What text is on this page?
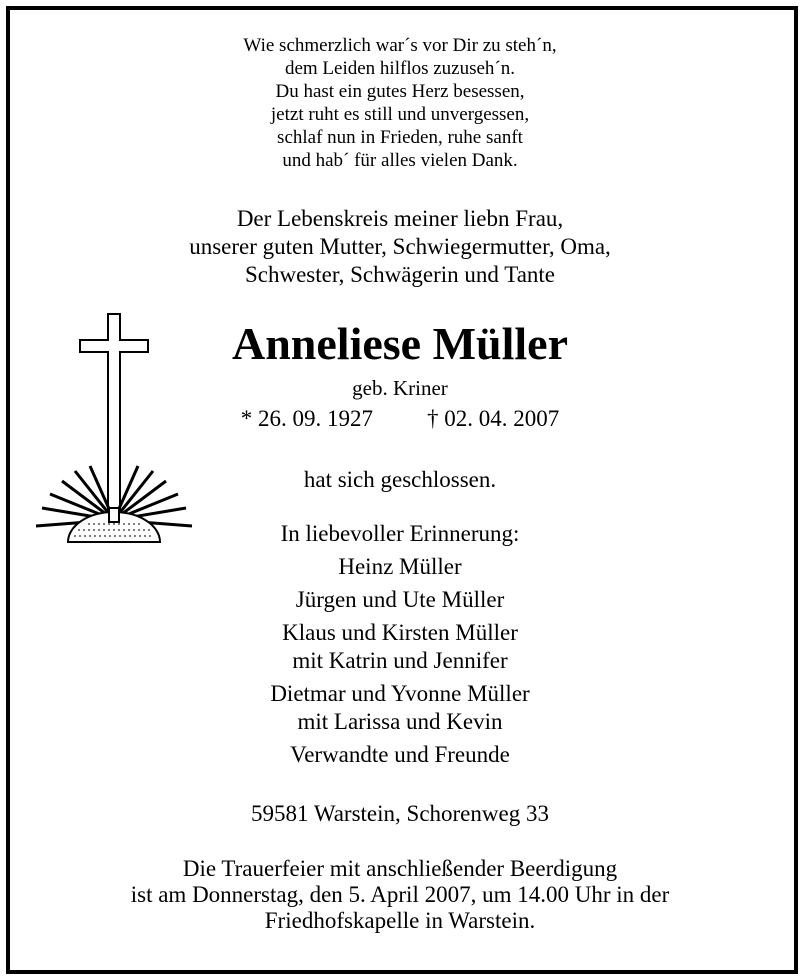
Wie schmerzlich war´s vor Dir zu steh´n,
dem Leiden hilflos zuzuseh´n.
Du hast ein gutes Herz besessen,
jetzt ruht es still und unvergessen,
schlaf nun in Frieden, ruhe sanft
und hab´ für alles vielen Dank.
Der Lebenskreis meiner liebn Frau,
unserer guten Mutter, Schwiegermutter, Oma,
Schwester, Schwägerin und Tante
Anneliese Müller
geb. Kriner
* 26. 09. 1927 † 02. 04. 2007
hat sich geschlossen.
In liebevoller Erinnerung:
Heinz Müller
Jürgen und Ute Müller
Klaus und Kirsten Müller
mit Katrin und Jennifer
Dietmar und Yvonne Müller
mit Larissa und Kevin
Verwandte und Freunde
59581 Warstein, Schorenweg 33
Die Trauerfeier mit anschließender Beerdigung
ist am Donnerstag, den 5. April 2007, um 14.00 Uhr in der
Friedhofskapelle in Warstein.
